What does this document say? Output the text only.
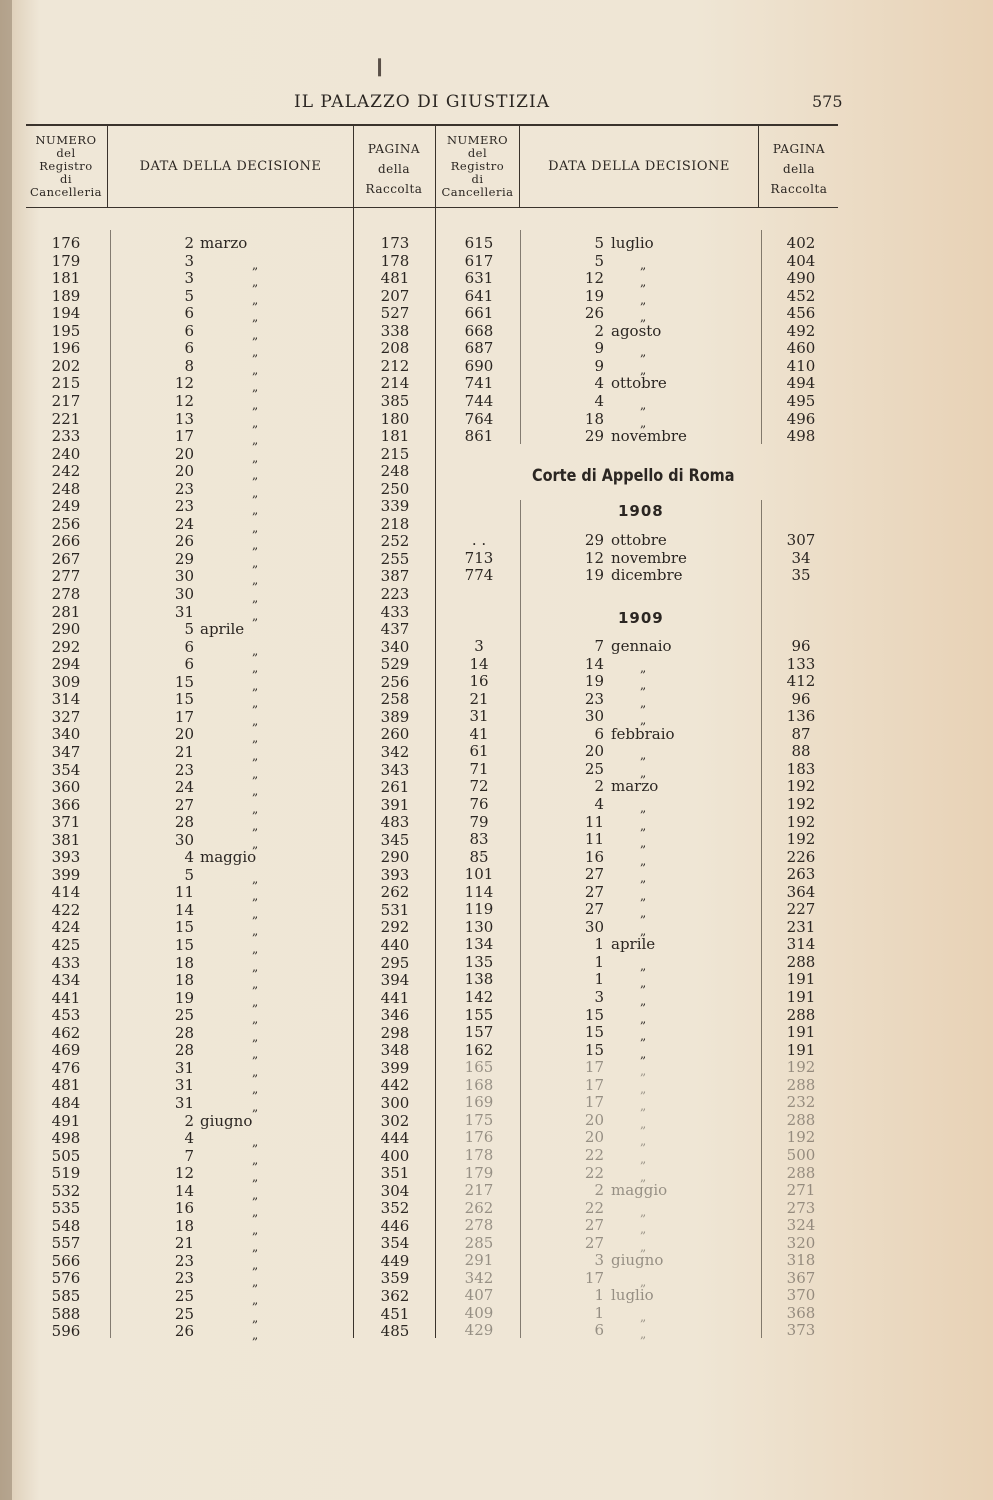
❙
IL PALAZZO DI GIUSTIZIA	575
NUMERO
del
Registro
di
Cancelleria
DATA DELLA DECISIONE
PAGINA
della
Raccolta
NUMERO
del
Registro
di
Cancelleria
DATA DELLA DECISIONE
PAGINA
della
Raccolta
Corte di Appello di Roma
1908
1909
176	2 marzo	173
179	3	„	178
181	3	„	481
189	5	„	207
194	6	„	527
195	6	„	338
196	6	„	208
202	8	„	212
215	12	„	214
217	12	„	385
221	13	„	180
233	17	„	181
240	20	„	215
242	20	„	248
248	23	„	250
249	23	„	339
256	24	„	218
266	26	„	252
267	29	„	255
277	30	„	387
278	30	„	223
281	31	„	433
290	5 aprile	437
292	6	„	340
294	6	„	529
309	15	„	256
314	15	„	258
327	17	„	389
340	20	„	260
347	21	„	342
354	23	„	343
360	24	„	261
366	27	„	391
371	28	„	483
381	30	„	345
393	4 maggio	290
399	5	„	393
414	11	„	262
422	14	„	531
424	15	„	292
425	15	„	440
433	18	„	295
434	18	„	394
441	19	„	441
453	25	„	346
462	28	„	298
469	28	„	348
476	31	„	399
481	31	„	442
484	31	„	300
491	2 giugno	302
498	4	„	444
505	7	„	400
519	12	„	351
532	14	„	304
535	16	„	352
548	18	„	446
557	21	„	354
566	23	„	449
576	23	„	359
585	25	„	362
588	25	„	451
596	26	„	485
615	5 luglio	402
617	5	„	404
631	12	„	490
641	19	„	452
661	26	„	456
668	2 agosto	492
687	9	„	460
690	9	„	410
741	4 ottobre	494
744	4	„	495
764	18	„	496
861	29 novembre	498
. .	29 ottobre	307
713	12 novembre	34
774	19 dicembre	35
3	7 gennaio	96
14	14	„	133
16	19	„	412
21	23	„	96
31	30	„	136
41	6 febbraio	87
61	20	„	88
71	25	„	183
72	2 marzo	192
76	4	„	192
79	11	„	192
83	11	„	192
85	16	„	226
101	27	„	263
114	27	„	364
119	27	„	227
130	30	„	231
134	1 aprile	314
135	1	„	288
138	1	„	191
142	3	„	191
155	15	„	288
157	15	„	191
162	15	„	191
165	17	„	192
168	17	„	288
169	17	„	232
175	20	„	288
176	20	„	192
178	22	„	500
179	22	„	288
217	2 maggio	271
262	22	„	273
278	27	„	324
285	27	„	320
291	3 giugno	318
342	17	„	367
407	1 luglio	370
409	1	„	368
429	6	„	373
